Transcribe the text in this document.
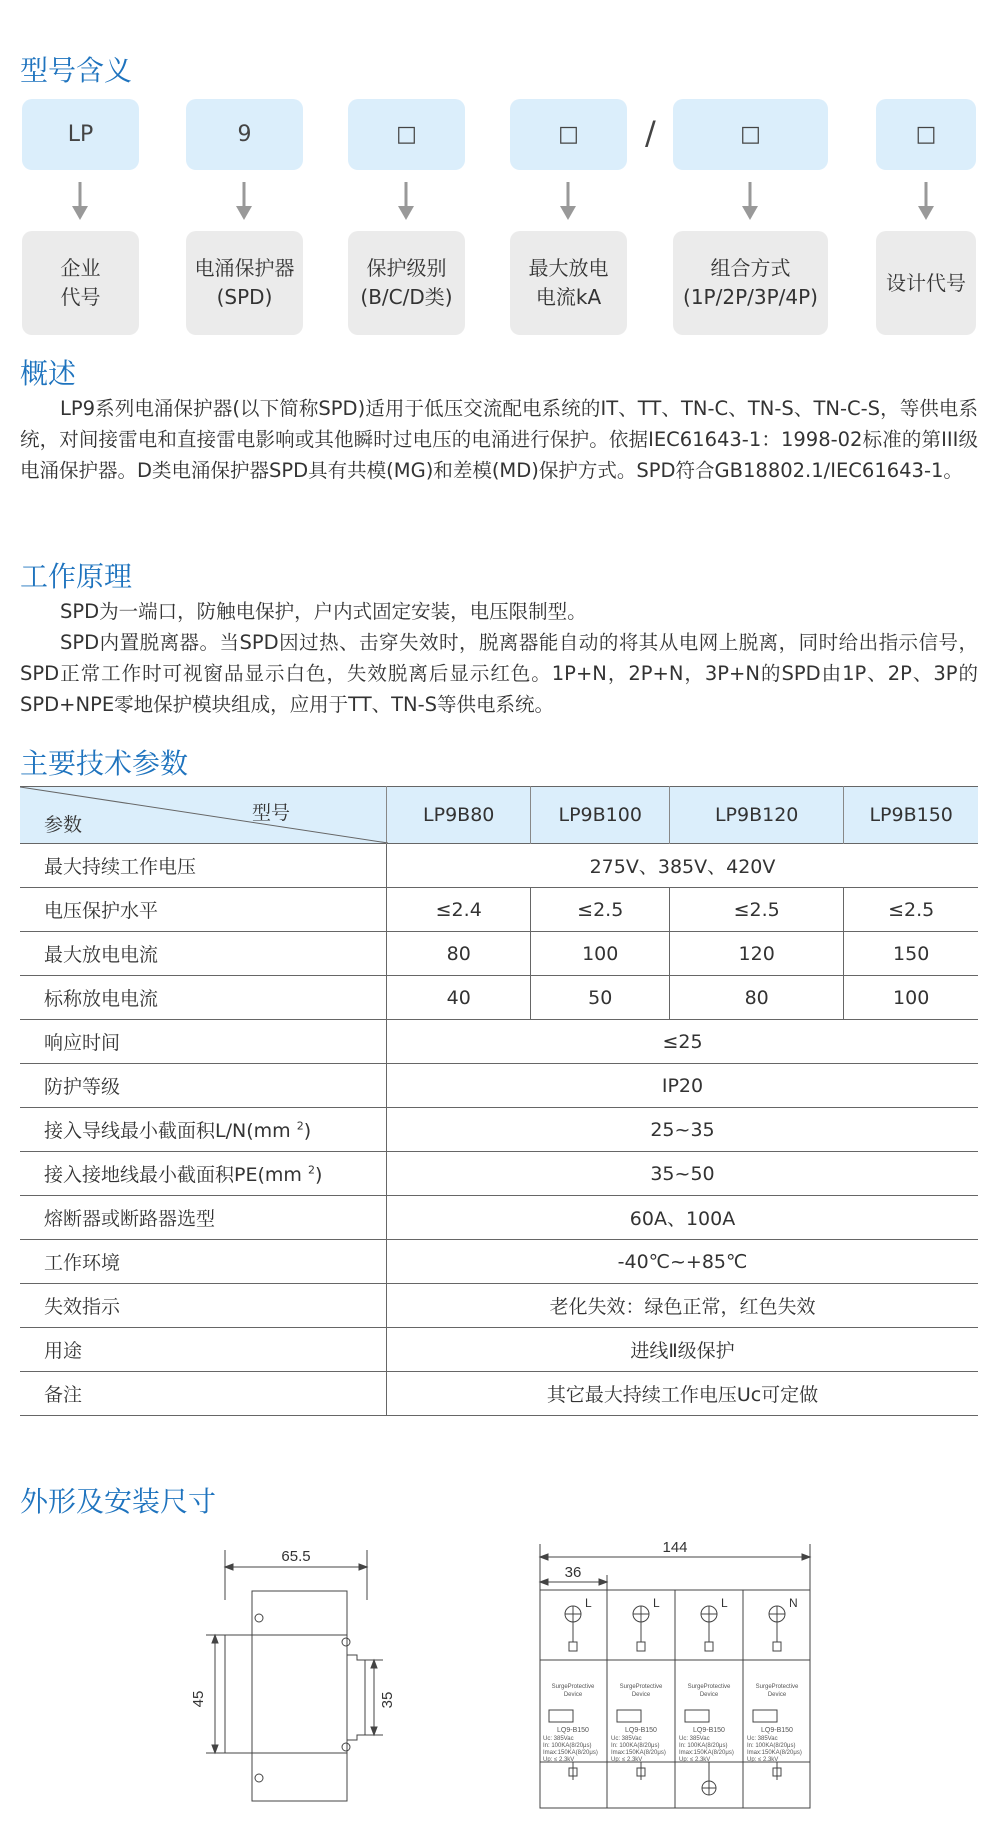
型号含义
LP	9	□	□	/	□	□
企业
代号
电涌保护器
(SPD)
保护级别
(B/C/D类)
最大放电
电流kA
组合方式
(1P/2P/3P/4P)
设计代号
概述

LP9系列电涌保护器(以下简称SPD)适用于低压交流配电系统的IT、TT、TN-C、TN-S、TN-C-S，等供电系统，对间接雷电和直接雷电影响或其他瞬时过电压的电涌进行保护。依据IEC61643-1：1998-02标准的第III级电涌保护器。D类电涌保护器SPD具有共模(MG)和差模(MD)保护方式。SPD符合GB18802.1/IEC61643-1。

工作原理

SPD为一端口，防触电保护，户内式固定安装，电压限制型。

SPD内置脱离器。当SPD因过热、击穿失效时，脱离器能自动的将其从电网上脱离，同时给出指示信号，SPD正常工作时可视窗品显示白色，失效脱离后显示红色。1P+N，2P+N，3P+N的SPD由1P、2P、3P的SPD+NPE零地保护模块组成，应用于TT、TN-S等供电系统。

主要技术参数
型号
参数	LP9B80	LP9B100	LP9B120	LP9B150
最大持续工作电压	275V、385V、420V			
电压保护水平	≤2.4	≤2.5	≤2.5	≤2.5
最大放电电流	80	100	120	150
标称放电电流	40	50	80	100
响应时间	≤25			
防护等级	IP20			
接入导线最小截面积L/N(mm $^2$)	25~35			
接入接地线最小截面积PE(mm $^2$)	35~50			
熔断器或断路器选型	60A、100A			
工作环境	-40℃~+85℃			
失效指示	老化失效：绿色正常，红色失效			
用途	进线Ⅱ级保护			
备注	其它最大持续工作电压Uc可定做			
外形及安装尺寸
65.5
45	35
144
36
L	L	L	N
SurgeProtective
Device
LQ9-B150
Uc: 385Vac
In: 100KA(8/20μs)
Imax:150KA(8/20μs)
Up: ≤ 2.3kV
SurgeProtective
Device
LQ9-B150
Uc: 385Vac
In: 100KA(8/20μs)
Imax:150KA(8/20μs)
Up: ≤ 2.3kV
SurgeProtective
Device
LQ9-B150
Uc: 385Vac
In: 100KA(8/20μs)
Imax:150KA(8/20μs)
Up: ≤ 2.3kV
SurgeProtective
Device
LQ9-B150
Uc: 385Vac
In: 100KA(8/20μs)
Imax:150KA(8/20μs)
Up: ≤ 2.3kV
